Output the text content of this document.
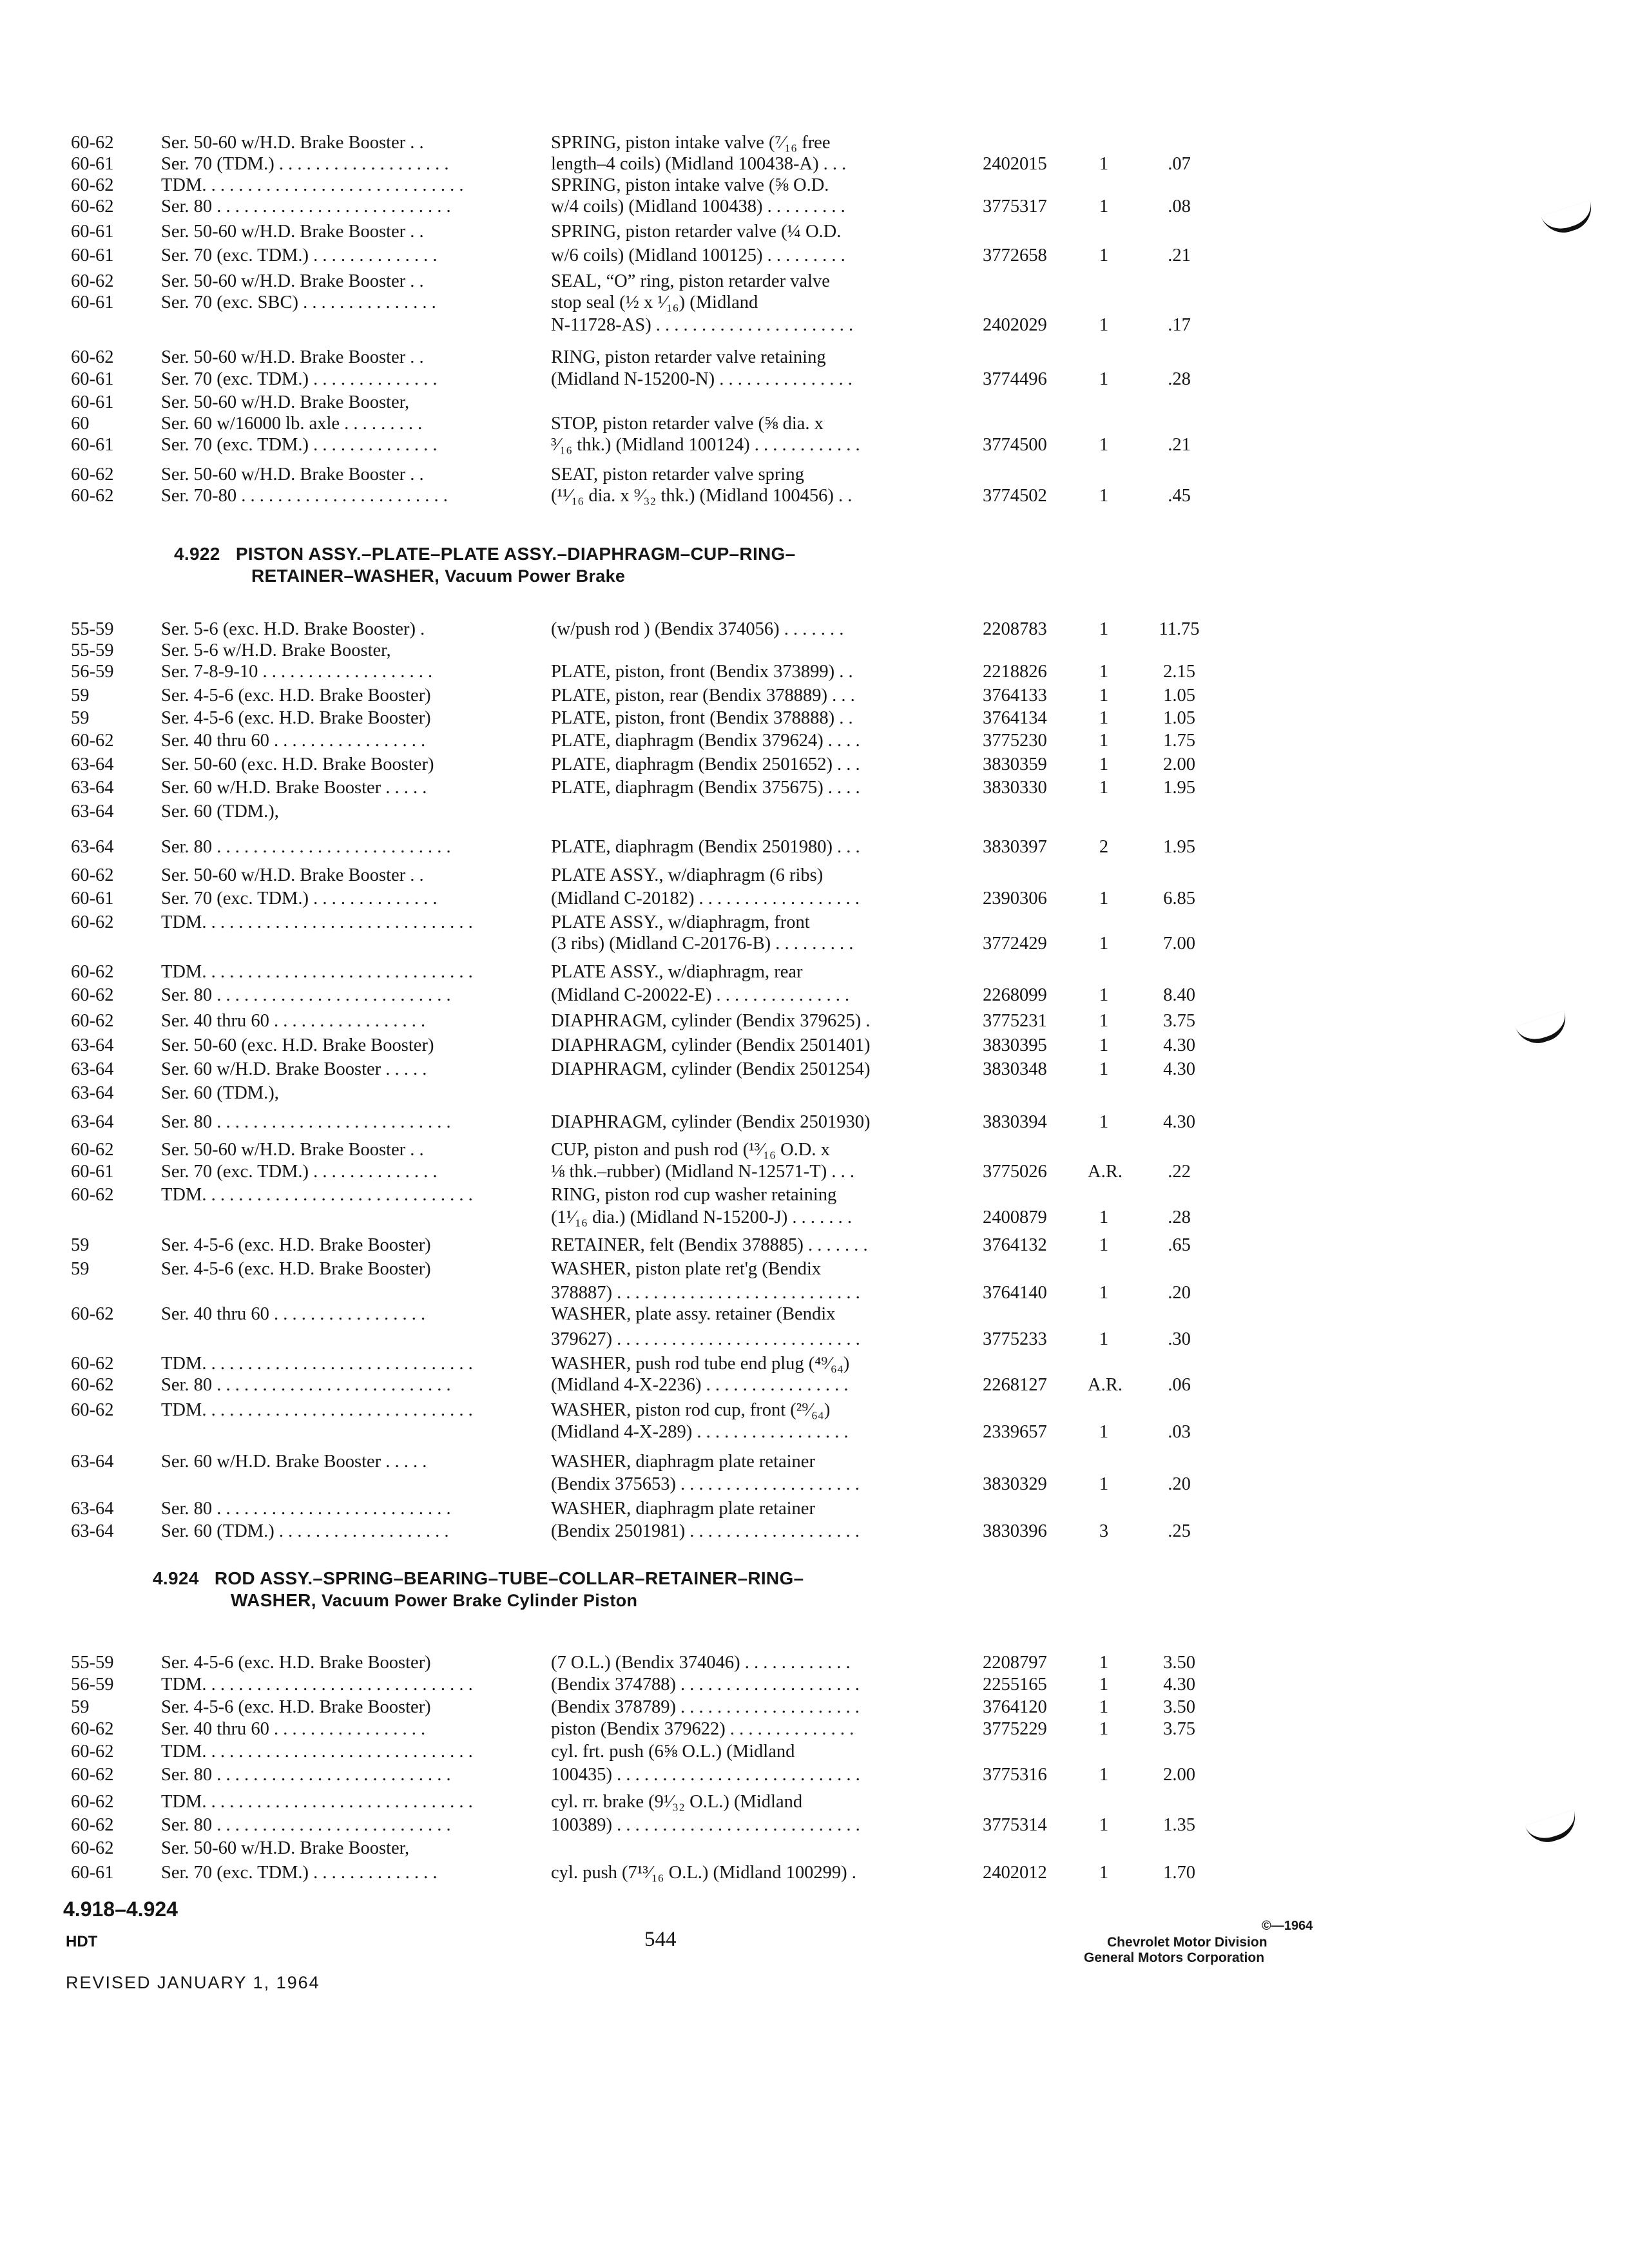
60-62	Ser. 50-60 w/H.D. Brake Booster . .	SPRING, piston intake valve (⁷⁄₁₆ free
60-61	Ser. 70 (TDM.) . . . . . . . . . . . . . . . . . . .	length–4 coils) (Midland 100438-A) . . .	2402015	1	.07
60-62	TDM. . . . . . . . . . . . . . . . . . . . . . . . . . . . .	SPRING, piston intake valve (⅝ O.D.
60-62	Ser. 80 . . . . . . . . . . . . . . . . . . . . . . . . . .	w/4 coils) (Midland 100438) . . . . . . . . .	3775317	1	.08
60-61	Ser. 50-60 w/H.D. Brake Booster . .	SPRING, piston retarder valve (¼ O.D.
60-61	Ser. 70 (exc. TDM.) . . . . . . . . . . . . . .	w/6 coils) (Midland 100125) . . . . . . . . .	3772658	1	.21
60-62	Ser. 50-60 w/H.D. Brake Booster . .	SEAL, “O” ring, piston retarder valve
60-61	Ser. 70 (exc. SBC) . . . . . . . . . . . . . . .	stop seal (½ x ¹⁄₁₆) (Midland
N-11728-AS) . . . . . . . . . . . . . . . . . . . . . .	2402029	1	.17
60-62	Ser. 50-60 w/H.D. Brake Booster . .	RING, piston retarder valve retaining
60-61	Ser. 70 (exc. TDM.) . . . . . . . . . . . . . .	(Midland N-15200-N) . . . . . . . . . . . . . . .	3774496	1	.28
60-61	Ser. 50-60 w/H.D. Brake Booster,
60	Ser. 60 w/16000 lb. axle . . . . . . . . .	STOP, piston retarder valve (⅝ dia. x
60-61	Ser. 70 (exc. TDM.) . . . . . . . . . . . . . .	³⁄₁₆ thk.) (Midland 100124) . . . . . . . . . . . .	3774500	1	.21
60-62	Ser. 50-60 w/H.D. Brake Booster . .	SEAT, piston retarder valve spring
60-62	Ser. 70-80 . . . . . . . . . . . . . . . . . . . . . . .	(¹¹⁄₁₆ dia. x ⁹⁄₃₂ thk.) (Midland 100456) . .	3774502	1	.45
4.922 PISTON ASSY.–PLATE–PLATE ASSY.–DIAPHRAGM–CUP–RING–
RETAINER–WASHER, Vacuum Power Brake
55-59	Ser. 5-6 (exc. H.D. Brake Booster) .	(w/push rod ) (Bendix 374056) . . . . . . .	2208783	1	11.75
55-59	Ser. 5-6 w/H.D. Brake Booster,
56-59	Ser. 7-8-9-10 . . . . . . . . . . . . . . . . . . .	PLATE, piston, front (Bendix 373899) . .	2218826	1	2.15
59	Ser. 4-5-6 (exc. H.D. Brake Booster)	PLATE, piston, rear (Bendix 378889) . . .	3764133	1	1.05
59	Ser. 4-5-6 (exc. H.D. Brake Booster)	PLATE, piston, front (Bendix 378888) . .	3764134	1	1.05
60-62	Ser. 40 thru 60 . . . . . . . . . . . . . . . . .	PLATE, diaphragm (Bendix 379624) . . . .	3775230	1	1.75
63-64	Ser. 50-60 (exc. H.D. Brake Booster)	PLATE, diaphragm (Bendix 2501652) . . .	3830359	1	2.00
63-64	Ser. 60 w/H.D. Brake Booster . . . . .	PLATE, diaphragm (Bendix 375675) . . . .	3830330	1	1.95
63-64	Ser. 60 (TDM.),
63-64	Ser. 80 . . . . . . . . . . . . . . . . . . . . . . . . . .	PLATE, diaphragm (Bendix 2501980) . . .	3830397	2	1.95
60-62	Ser. 50-60 w/H.D. Brake Booster . .	PLATE ASSY., w/diaphragm (6 ribs)
60-61	Ser. 70 (exc. TDM.) . . . . . . . . . . . . . .	(Midland C-20182) . . . . . . . . . . . . . . . . . .	2390306	1	6.85
60-62	TDM. . . . . . . . . . . . . . . . . . . . . . . . . . . . . .	PLATE ASSY., w/diaphragm, front
(3 ribs) (Midland C-20176-B) . . . . . . . . .	3772429	1	7.00
60-62	TDM. . . . . . . . . . . . . . . . . . . . . . . . . . . . . .	PLATE ASSY., w/diaphragm, rear
60-62	Ser. 80 . . . . . . . . . . . . . . . . . . . . . . . . . .	(Midland C-20022-E) . . . . . . . . . . . . . . .	2268099	1	8.40
60-62	Ser. 40 thru 60 . . . . . . . . . . . . . . . . .	DIAPHRAGM, cylinder (Bendix 379625) .	3775231	1	3.75
63-64	Ser. 50-60 (exc. H.D. Brake Booster)	DIAPHRAGM, cylinder (Bendix 2501401)	3830395	1	4.30
63-64	Ser. 60 w/H.D. Brake Booster . . . . .	DIAPHRAGM, cylinder (Bendix 2501254)	3830348	1	4.30
63-64	Ser. 60 (TDM.),
63-64	Ser. 80 . . . . . . . . . . . . . . . . . . . . . . . . . .	DIAPHRAGM, cylinder (Bendix 2501930)	3830394	1	4.30
60-62	Ser. 50-60 w/H.D. Brake Booster . .	CUP, piston and push rod (¹³⁄₁₆ O.D. x
60-61	Ser. 70 (exc. TDM.) . . . . . . . . . . . . . .	⅛ thk.–rubber) (Midland N-12571-T) . . .	3775026	A.R.	.22
60-62	TDM. . . . . . . . . . . . . . . . . . . . . . . . . . . . . .	RING, piston rod cup washer retaining
(1¹⁄₁₆ dia.) (Midland N-15200-J) . . . . . . .	2400879	1	.28
59	Ser. 4-5-6 (exc. H.D. Brake Booster)	RETAINER, felt (Bendix 378885) . . . . . . .	3764132	1	.65
59	Ser. 4-5-6 (exc. H.D. Brake Booster)	WASHER, piston plate ret'g (Bendix
378887) . . . . . . . . . . . . . . . . . . . . . . . . . . .	3764140	1	.20
60-62	Ser. 40 thru 60 . . . . . . . . . . . . . . . . .	WASHER, plate assy. retainer (Bendix
379627) . . . . . . . . . . . . . . . . . . . . . . . . . . .	3775233	1	.30
60-62	TDM. . . . . . . . . . . . . . . . . . . . . . . . . . . . . .	WASHER, push rod tube end plug (⁴⁹⁄₆₄)
60-62	Ser. 80 . . . . . . . . . . . . . . . . . . . . . . . . . .	(Midland 4-X-2236) . . . . . . . . . . . . . . . .	2268127	A.R.	.06
60-62	TDM. . . . . . . . . . . . . . . . . . . . . . . . . . . . . .	WASHER, piston rod cup, front (²⁹⁄₆₄)
(Midland 4-X-289) . . . . . . . . . . . . . . . . .	2339657	1	.03
63-64	Ser. 60 w/H.D. Brake Booster . . . . .	WASHER, diaphragm plate retainer
(Bendix 375653) . . . . . . . . . . . . . . . . . . . .	3830329	1	.20
63-64	Ser. 80 . . . . . . . . . . . . . . . . . . . . . . . . . .	WASHER, diaphragm plate retainer
63-64	Ser. 60 (TDM.) . . . . . . . . . . . . . . . . . . .	(Bendix 2501981) . . . . . . . . . . . . . . . . . . .	3830396	3	.25
4.924 ROD ASSY.–SPRING–BEARING–TUBE–COLLAR–RETAINER–RING–
WASHER, Vacuum Power Brake Cylinder Piston
55-59	Ser. 4-5-6 (exc. H.D. Brake Booster)	(7 O.L.) (Bendix 374046) . . . . . . . . . . . .	2208797	1	3.50
56-59	TDM. . . . . . . . . . . . . . . . . . . . . . . . . . . . . .	(Bendix 374788) . . . . . . . . . . . . . . . . . . . .	2255165	1	4.30
59	Ser. 4-5-6 (exc. H.D. Brake Booster)	(Bendix 378789) . . . . . . . . . . . . . . . . . . . .	3764120	1	3.50
60-62	Ser. 40 thru 60 . . . . . . . . . . . . . . . . .	piston (Bendix 379622) . . . . . . . . . . . . . .	3775229	1	3.75
60-62	TDM. . . . . . . . . . . . . . . . . . . . . . . . . . . . . .	cyl. frt. push (6⅝ O.L.) (Midland
60-62	Ser. 80 . . . . . . . . . . . . . . . . . . . . . . . . . .	100435) . . . . . . . . . . . . . . . . . . . . . . . . . . .	3775316	1	2.00
60-62	TDM. . . . . . . . . . . . . . . . . . . . . . . . . . . . . .	cyl. rr. brake (9¹⁄₃₂ O.L.) (Midland
60-62	Ser. 80 . . . . . . . . . . . . . . . . . . . . . . . . . .	100389) . . . . . . . . . . . . . . . . . . . . . . . . . . .	3775314	1	1.35
60-62	Ser. 50-60 w/H.D. Brake Booster,
60-61	Ser. 70 (exc. TDM.) . . . . . . . . . . . . . .	cyl. push (7¹³⁄₁₆ O.L.) (Midland 100299) .	2402012	1	1.70
4.918–4.924
HDT	544
©—1964
Chevrolet Motor Division
General Motors Corporation
REVISED JANUARY 1, 1964
